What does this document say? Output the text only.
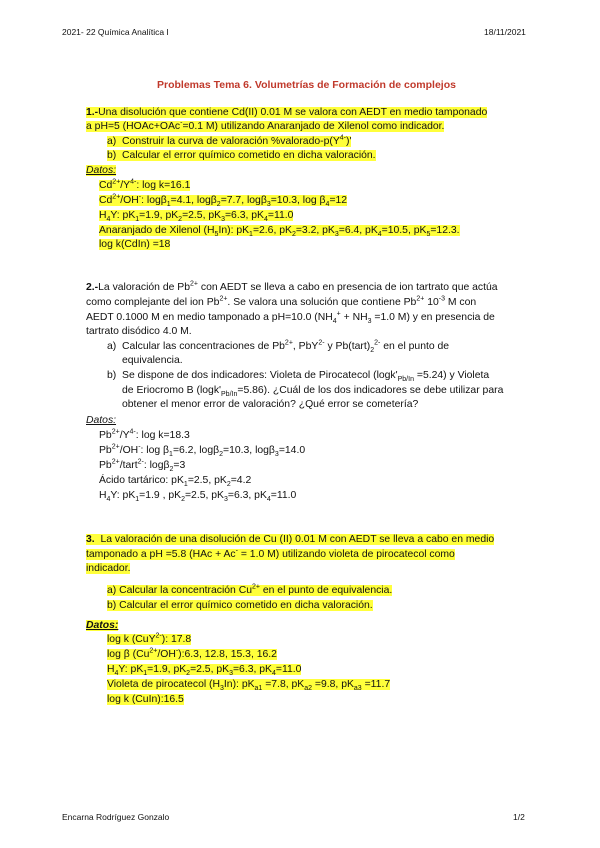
2021- 22 Química Analítica I	18/11/2021
Problemas Tema 6. Volumetrías de Formación de complejos
1.-Una disolución que contiene Cd(II) 0.01 M se valora con AEDT en medio tamponado
a pH=5 (HOAc+OAc-=0.1 M) utilizando Anaranjado de Xilenol como indicador.
a) Construir la curva de valoración $\%valorado-p(Y^{4-})'$
b) Calcular el error químico cometido en dicha valoración.
Datos:
$Cd^{2+}/Y^{4-}$: log k=16.1
$Cd^{2+}/OH^-$: logβ$_1$=4.1, logβ$_2$=7.7, logβ$_3$=10.3, $\log \beta_4=12$
$H_4Y$: $pK_1=1.9$, $pK_2=2.5$, $pK_3=6.3$, $pK_4=11.0$
Anaranjado de Xilenol $(H_5In)$: $pK_1=2.6$, $pK_2=3.2$, $pK_3=6.4$, $pK_4=10.5$, $pK_5=12.3$.
log k(CdIn) =18
2.-La valoración de $Pb^{2+}$ con AEDT se lleva a cabo en presencia de ion tartrato que actúa
como complejante del ion $Pb^{2+}$. Se valora una solución que contiene $Pb^{2+}$ $10^{-3}$ M con
AEDT 0.1000 M en medio tamponado a pH=10.0 ($NH_4^+ + NH_3 =1.0$ M) y en presencia de
tartrato disódico 4.0 M.
a) Calcular las concentraciones de $Pb^{2+}$, PbY$^{2-}$ y $Pb(tart)_2^{2-}$ en el punto de
equivalencia.
b) Se dispone de dos indicadores: Violeta de Pirocatecol $(\log k'_{Pb/In} =5.24)$ y Violeta
de Eriocromo B $(\log k'_{Pb/In}=5.86)$. ¿Cuál de los dos indicadores se debe utilizar para
obtener el menor error de valoración? ¿Qué error se cometería?
Datos:
$Pb^{2+}/Y^{4-}$: log k=18.3
$Pb^{2+}/OH^-$: $\log \beta_1=6.2$, logβ$_2$=10.3, logβ$_3$=14.0
$Pb^{2+}/tart^{2-}$: logβ$_2$=3
Ácido tartárico: $pK_1=2.5$, $pK_2=4.2$
$H_4Y$: $pK_1=1.9$ , $pK_2=2.5$, $pK_3=6.3$, $pK_4=11.0$
3. La valoración de una disolución de Cu (II) 0.01 M con AEDT se lleva a cabo en medio
tamponado a pH =5.8 (HAc + Ac- = 1.0 M) utilizando violeta de pirocatecol como
indicador.
a) Calcular la concentración $Cu^{2+}$ en el punto de equivalencia.
b) Calcular el error químico cometido en dicha valoración.
Datos:
log k (CuY$^{2-}$): 17.8
log β $(Cu^{2+}/OH^-):6.3$, 12.8, 15.3, 16.2
$H_4Y$: $pK_1=1.9$, $pK_2=2.5$, $pK_3=6.3$, $pK_4=11.0$
Violeta de pirocatecol $(H_3In)$: $pK_{a1} =7.8$, $pK_{a2} =9.8$, $pK_{a3} =11.7$
log k (CuIn):16.5
Encarna Rodríguez Gonzalo	1/2
